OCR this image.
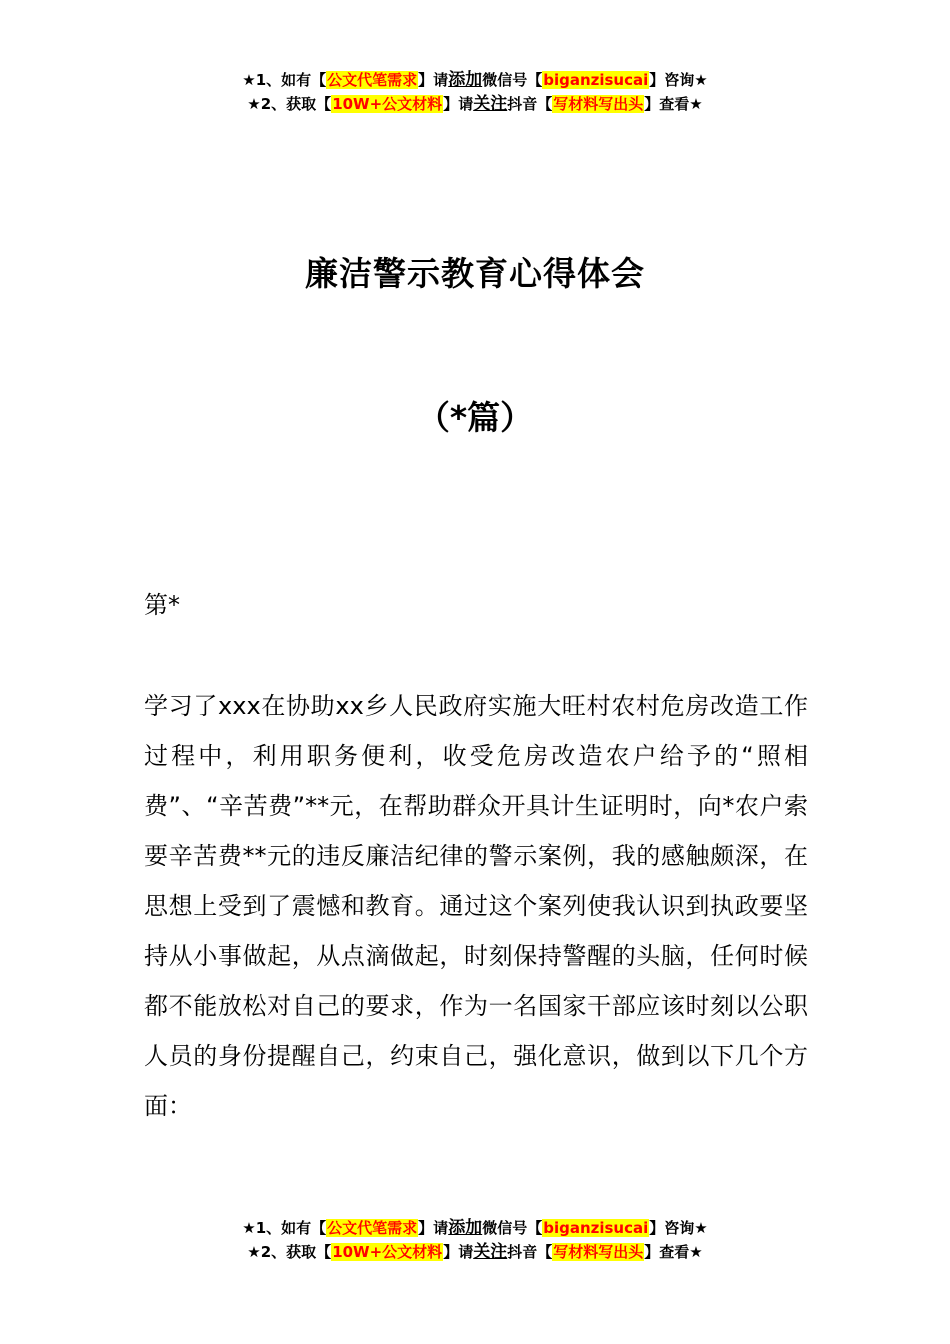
★1、如有【公文代笔需求】请添加微信号【biganzisucai】咨询★
★2、获取【10W+公文材料】请关注抖音【写材料写出头】查看★
廉洁警示教育心得体会
（*篇）
第*

学习了xxx在协助xx乡人民政府实施大旺村农村危房改造工作过程中，利用职务便利，收受危房改造农户给予的“照相费”、“辛苦费”**元，在帮助群众开具计生证明时，向*农户索要辛苦费**元的违反廉洁纪律的警示案例，我的感触颇深，在思想上受到了震憾和教育。通过这个案列使我认识到执政要坚持从小事做起，从点滴做起，时刻保持警醒的头脑，任何时候都不能放松对自己的要求，作为一名国家干部应该时刻以公职人员的身份提醒自己，约束自己，强化意识，做到以下几个方面：

★1、如有【公文代笔需求】请添加微信号【biganzisucai】咨询★
★2、获取【10W+公文材料】请关注抖音【写材料写出头】查看★
